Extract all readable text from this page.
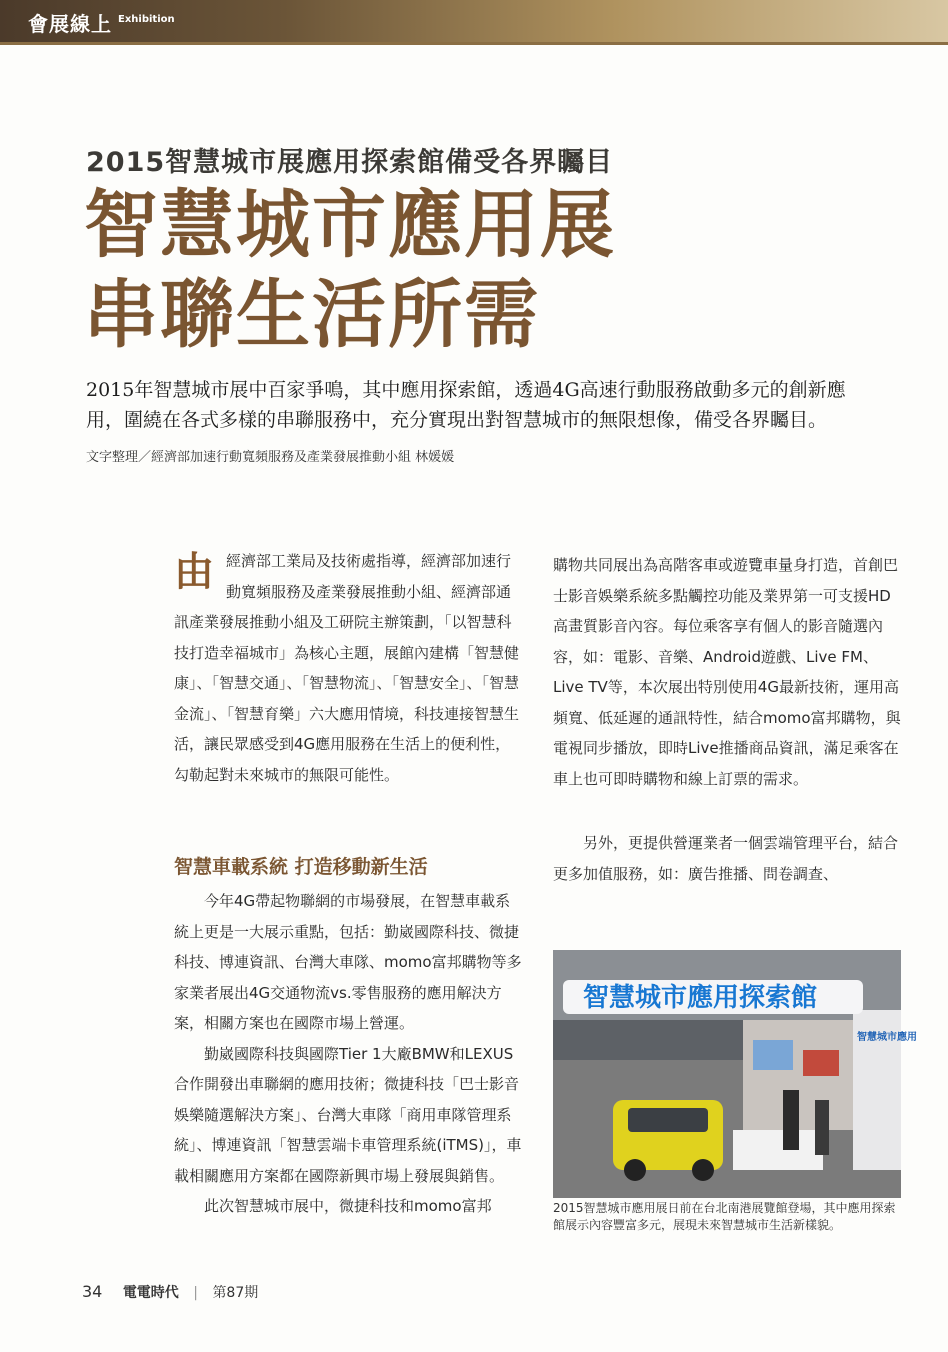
會展線上 Exhibition
2015智慧城市展應用探索館備受各界矚目
智慧城市應用展
串聯生活所需
2015年智慧城市展中百家爭鳴，其中應用探索館，透過4G高速行動服務啟動多元的創新應用，圍繞在各式多樣的串聯服務中，充分實現出對智慧城市的無限想像，備受各界矚目。
文字整理／經濟部加速行動寬頻服務及產業發展推動小組 林媛媛
由 經濟部工業局及技術處指導，經濟部加速行動寬頻服務及產業發展推動小組、經濟部通訊產業發展推動小組及工研院主辦策劃，「以智慧科技打造幸福城市」為核心主題，展館內建構「智慧健康」、「智慧交通」、「智慧物流」、「智慧安全」、「智慧金流」、「智慧育樂」六大應用情境，科技連接智慧生活，讓民眾感受到4G應用服務在生活上的便利性，勾勒起對未來城市的無限可能性。

智慧車載系統 打造移動新生活

今年4G帶起物聯網的市場發展，在智慧車載系統上更是一大展示重點，包括：勤崴國際科技、微捷科技、博連資訊、台灣大車隊、momo富邦購物等多家業者展出4G交通物流vs.零售服務的應用解決方案，相關方案也在國際市場上營運。

勤崴國際科技與國際Tier 1大廠BMW和LEXUS合作開發出車聯網的應用技術；微捷科技「巴士影音娛樂隨選解決方案」、台灣大車隊「商用車隊管理系統」、博連資訊「智慧雲端卡車管理系統(iTMS)」，車載相關應用方案都在國際新興市場上發展與銷售。

此次智慧城市展中，微捷科技和momo富邦

購物共同展出為高階客車或遊覽車量身打造，首創巴士影音娛樂系統多點觸控功能及業界第一可支援HD高畫質影音內容。每位乘客享有個人的影音隨選內容，如：電影、音樂、Android遊戲、Live FM、Live TV等，本次展出特別使用4G最新技術，運用高頻寬、低延遲的通訊特性，結合momo富邦購物，與電視同步播放，即時Live推播商品資訊，滿足乘客在車上也可即時購物和線上訂票的需求。

另外，更提供營運業者一個雲端管理平台，結合更多加值服務，如：廣告推播、問卷調查、

智慧城市應用探索館
智慧城市應用
2015智慧城市應用展日前在台北南港展覽館登場，其中應用探索館展示內容豐富多元，展現未來智慧城市生活新樣貌。
34 電電時代 | 第87期
